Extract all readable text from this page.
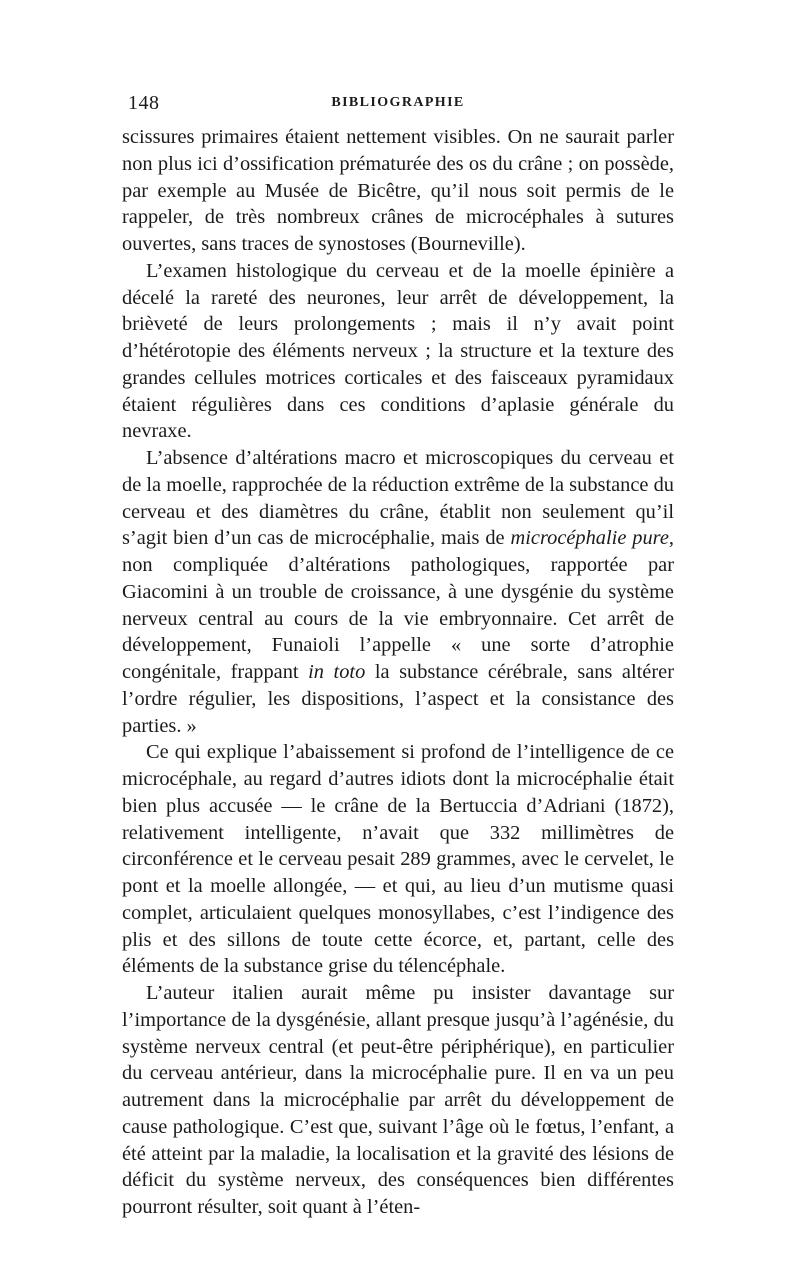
148	BIBLIOGRAPHIE

scissures primaires étaient nettement visibles. On ne saurait parler non plus ici d’ossification prématurée des os du crâne ; on possède, par exemple au Musée de Bicêtre, qu’il nous soit permis de le rappeler, de très nombreux crânes de microcéphales à sutures ouvertes, sans traces de synostoses (Bourneville).

L’examen histologique du cerveau et de la moelle épinière a décelé la rareté des neurones, leur arrêt de développement, la brièveté de leurs prolongements ; mais il n’y avait point d’hétérotopie des éléments nerveux ; la structure et la texture des grandes cellules motrices corticales et des faisceaux pyramidaux étaient régulières dans ces conditions d’aplasie générale du nevraxe.

L’absence d’altérations macro et microscopiques du cerveau et de la moelle, rapprochée de la réduction extrême de la substance du cerveau et des diamètres du crâne, établit non seulement qu’il s’agit bien d’un cas de microcéphalie, mais de microcéphalie pure, non compliquée d’altérations pathologiques, rapportée par Giacomini à un trouble de croissance, à une dysgénie du système nerveux central au cours de la vie embryonnaire. Cet arrêt de développement, Funaioli l’appelle « une sorte d’atrophie congénitale, frappant in toto la substance cérébrale, sans altérer l’ordre régulier, les dispositions, l’aspect et la consistance des parties. »

Ce qui explique l’abaissement si profond de l’intelligence de ce microcéphale, au regard d’autres idiots dont la microcéphalie était bien plus accusée — le crâne de la Bertuccia d’Adriani (1872), relativement intelligente, n’avait que 332 millimètres de circonférence et le cerveau pesait 289 grammes, avec le cervelet, le pont et la moelle allongée, — et qui, au lieu d’un mutisme quasi complet, articulaient quelques monosyllabes, c’est l’indigence des plis et des sillons de toute cette écorce, et, partant, celle des éléments de la substance grise du télencéphale.

L’auteur italien aurait même pu insister davantage sur l’importance de la dysgénésie, allant presque jusqu’à l’agénésie, du système nerveux central (et peut-être périphérique), en particulier du cerveau antérieur, dans la microcéphalie pure. Il en va un peu autrement dans la microcéphalie par arrêt du développement de cause pathologique. C’est que, suivant l’âge où le fœtus, l’enfant, a été atteint par la maladie, la localisation et la gravité des lésions de déficit du système nerveux, des conséquences bien différentes pourront résulter, soit quant à l’éten-
